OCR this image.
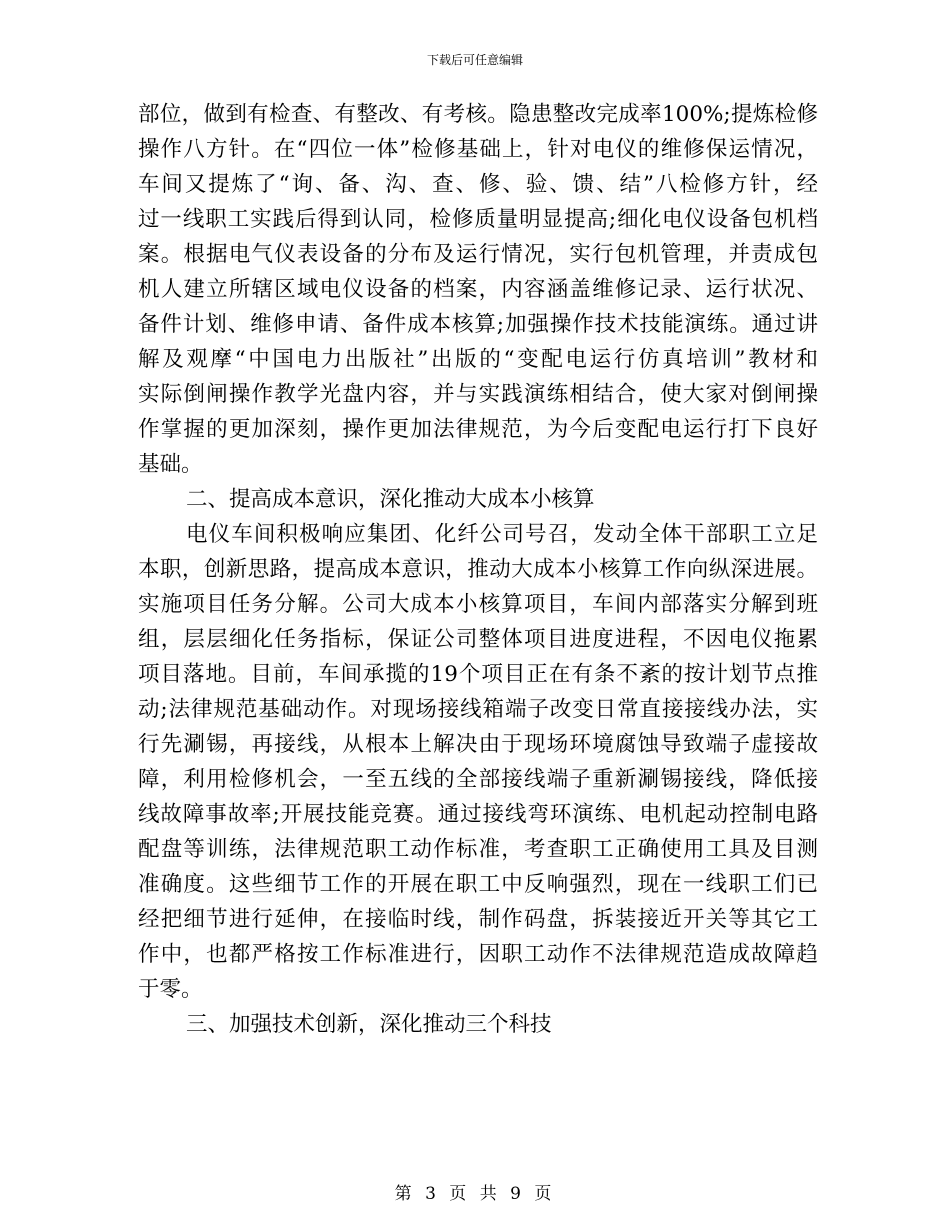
下载后可任意编辑
部位，做到有检查、有整改、有考核。隐患整改完成率100%;提炼检修
操作八方针。在“四位一体”检修基础上，针对电仪的维修保运情况，
车间又提炼了“询、备、沟、查、修、验、馈、结”八检修方针，经
过一线职工实践后得到认同，检修质量明显提高;细化电仪设备包机档
案。根据电气仪表设备的分布及运行情况，实行包机管理，并责成包
机人建立所辖区域电仪设备的档案，内容涵盖维修记录、运行状况、
备件计划、维修申请、备件成本核算;加强操作技术技能演练。通过讲
解及观摩“中国电力出版社”出版的“变配电运行仿真培训”教材和
实际倒闸操作教学光盘内容，并与实践演练相结合，使大家对倒闸操
作掌握的更加深刻，操作更加法律规范，为今后变配电运行打下良好
基础。
二、提高成本意识，深化推动大成本小核算
电仪车间积极响应集团、化纤公司号召，发动全体干部职工立足
本职，创新思路，提高成本意识，推动大成本小核算工作向纵深进展。
实施项目任务分解。公司大成本小核算项目，车间内部落实分解到班
组，层层细化任务指标，保证公司整体项目进度进程，不因电仪拖累
项目落地。目前，车间承揽的19个项目正在有条不紊的按计划节点推
动;法律规范基础动作。对现场接线箱端子改变日常直接接线办法，实
行先涮锡，再接线，从根本上解决由于现场环境腐蚀导致端子虚接故
障，利用检修机会，一至五线的全部接线端子重新涮锡接线，降低接
线故障事故率;开展技能竞赛。通过接线弯环演练、电机起动控制电路
配盘等训练，法律规范职工动作标准，考查职工正确使用工具及目测
准确度。这些细节工作的开展在职工中反响强烈，现在一线职工们已
经把细节进行延伸，在接临时线，制作码盘，拆装接近开关等其它工
作中，也都严格按工作标准进行，因职工动作不法律规范造成故障趋
于零。
三、加强技术创新，深化推动三个科技
第 3 页 共 9 页
